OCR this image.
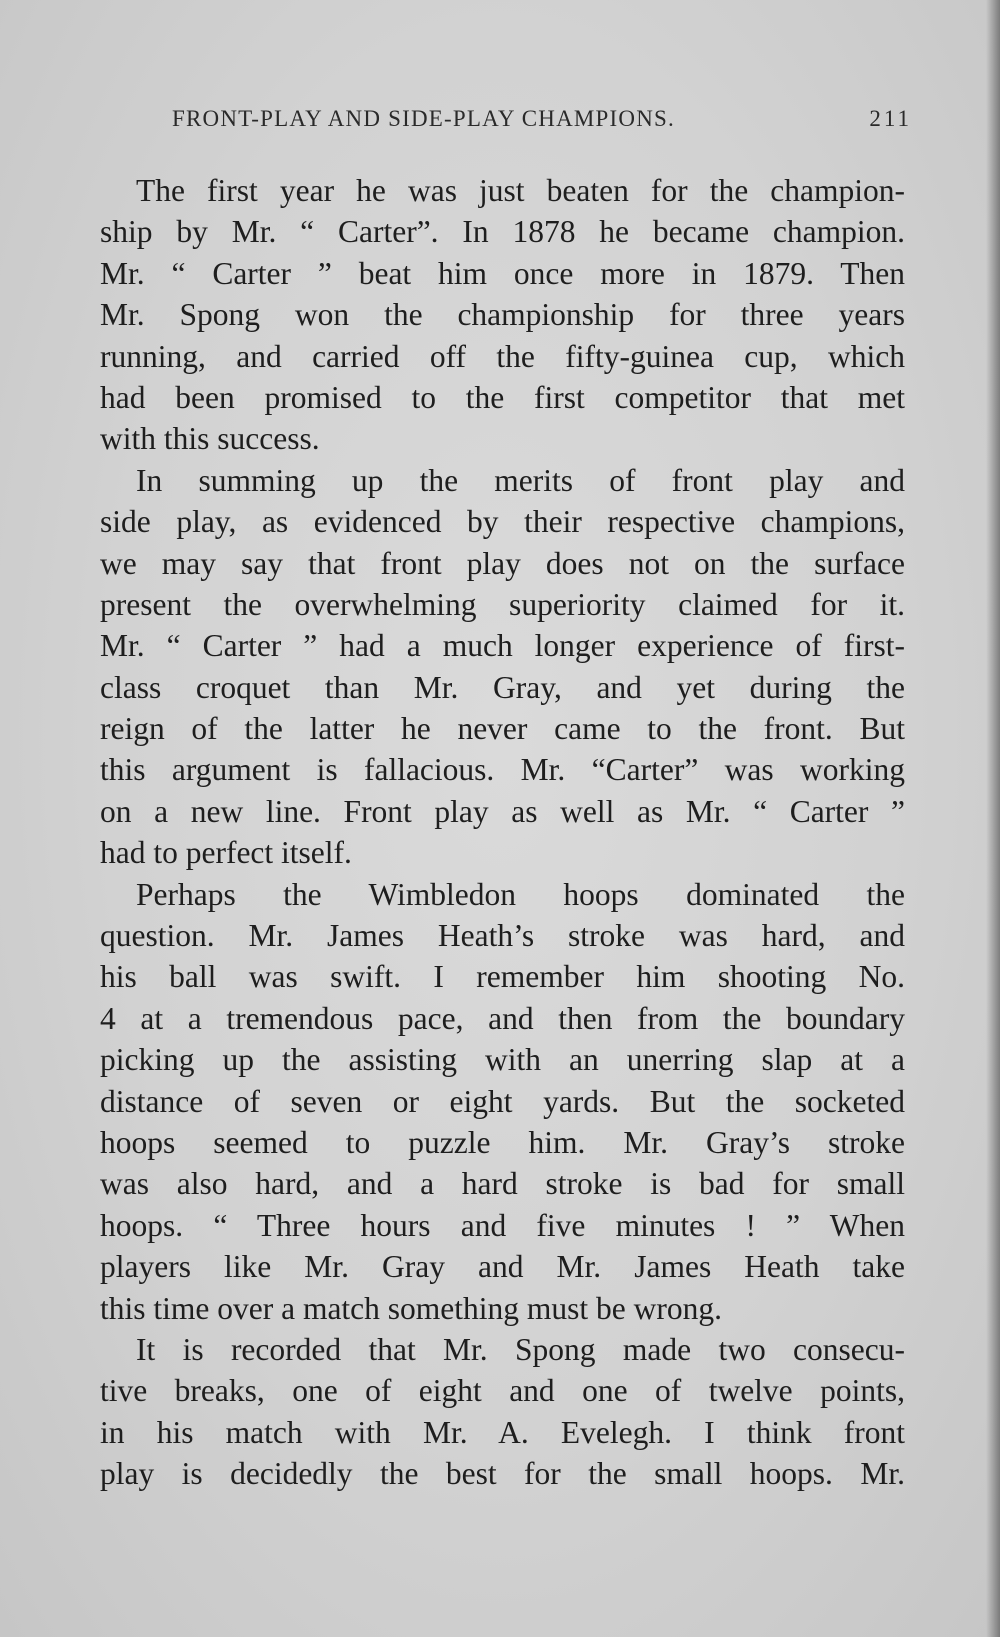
FRONT-PLAY AND SIDE-PLAY CHAMPIONS.	211
The first year he was just beaten for the champion-
ship by Mr. “ Carter”. In 1878 he became champion.
Mr. “ Carter ” beat him once more in 1879. Then
Mr. Spong won the championship for three years
running, and carried off the fifty-guinea cup, which
had been promised to the first competitor that met
with this success.
In summing up the merits of front play and
side play, as evidenced by their respective champions,
we may say that front play does not on the surface
present the overwhelming superiority claimed for it.
Mr. “ Carter ” had a much longer experience of first-
class croquet than Mr. Gray, and yet during the
reign of the latter he never came to the front. But
this argument is fallacious. Mr. “Carter” was working
on a new line. Front play as well as Mr. “ Carter ”
had to perfect itself.
Perhaps the Wimbledon hoops dominated the
question. Mr. James Heath’s stroke was hard, and
his ball was swift. I remember him shooting No.
4 at a tremendous pace, and then from the boundary
picking up the assisting with an unerring slap at a
distance of seven or eight yards. But the socketed
hoops seemed to puzzle him. Mr. Gray’s stroke
was also hard, and a hard stroke is bad for small
hoops. “ Three hours and five minutes ! ” When
players like Mr. Gray and Mr. James Heath take
this time over a match something must be wrong.
It is recorded that Mr. Spong made two consecu-
tive breaks, one of eight and one of twelve points,
in his match with Mr. A. Evelegh. I think front
play is decidedly the best for the small hoops. Mr.
